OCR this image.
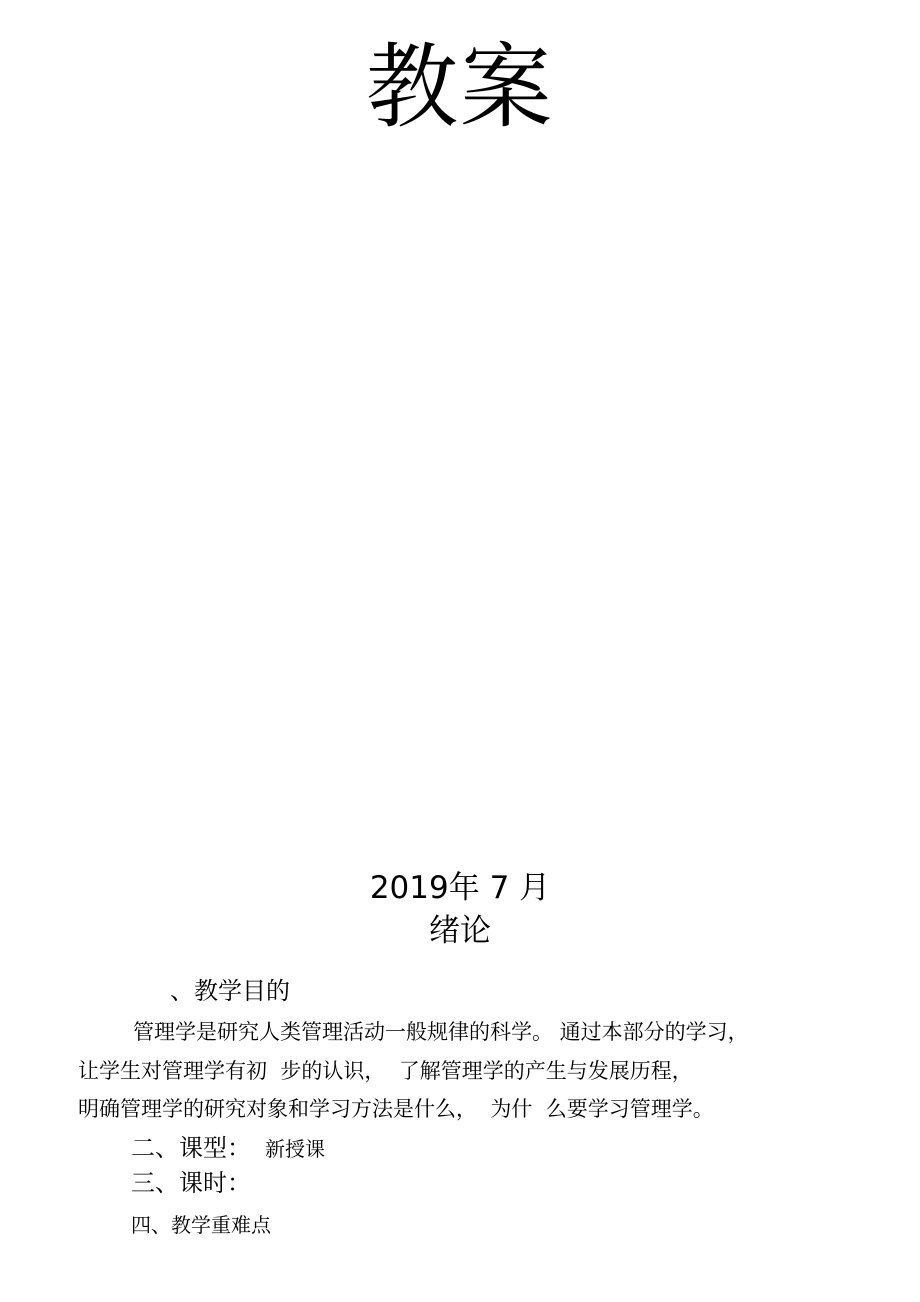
教案
2019年 7 月
绪论
、教学目的
管理学是研究人类管理活动一般规律的科学。 通过本部分的学习，
让学生对管理学有初  步的认识，  了解管理学的产生与发展历程，
明确管理学的研究对象和学习方法是什么，  为什  么要学习管理学。
二、课型： 新授课
三、课时：
四、教学重难点
